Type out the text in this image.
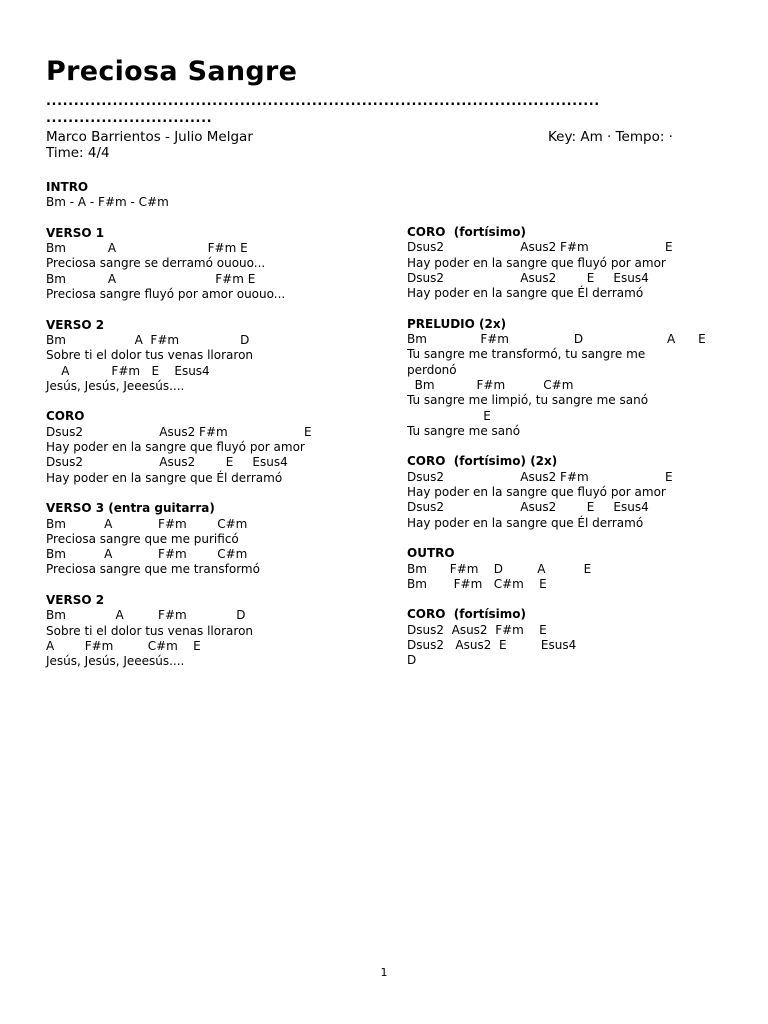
Preciosa Sangre
....................................................................................................
..............................
Marco Barrientos - Julio Melgar	Key: Am · Tempo: ·
Time: 4/4
INTRO
Bm - A - F#m - C#m
VERSO 1
Bm           A                        F#m E
Preciosa sangre se derramó ououo...
Bm           A                          F#m E
Preciosa sangre fluyó por amor ououo...
VERSO 2
Bm                  A  F#m                D
Sobre ti el dolor tus venas lloraron
A           F#m   E    Esus4
Jesús, Jesús, Jeeesús....
CORO
Dsus2                    Asus2 F#m                    E
Hay poder en la sangre que fluyó por amor
Dsus2                    Asus2        E     Esus4
Hay poder en la sangre que Él derramó
VERSO 3 (entra guitarra)
Bm          A            F#m        C#m
Preciosa sangre que me purificó
Bm          A            F#m        C#m
Preciosa sangre que me transformó
VERSO 2
Bm             A         F#m             D
Sobre ti el dolor tus venas lloraron
A        F#m         C#m    E
Jesús, Jesús, Jeeesús....
CORO  (fortísimo)
Dsus2                    Asus2 F#m                    E
Hay poder en la sangre que fluyó por amor
Dsus2                    Asus2        E     Esus4
Hay poder en la sangre que Él derramó
PRELUDIO (2x)
Bm              F#m                 D                      A      E
Tu sangre me transformó, tu sangre me
perdonó
Bm           F#m          C#m
Tu sangre me limpió, tu sangre me sanó
E
Tu sangre me sanó
CORO  (fortísimo) (2x)
Dsus2                    Asus2 F#m                    E
Hay poder en la sangre que fluyó por amor
Dsus2                    Asus2        E     Esus4
Hay poder en la sangre que Él derramó
OUTRO
Bm      F#m    D         A          E
Bm       F#m   C#m    E
CORO  (fortísimo)
Dsus2  Asus2  F#m    E
Dsus2   Asus2  E         Esus4
D
1
